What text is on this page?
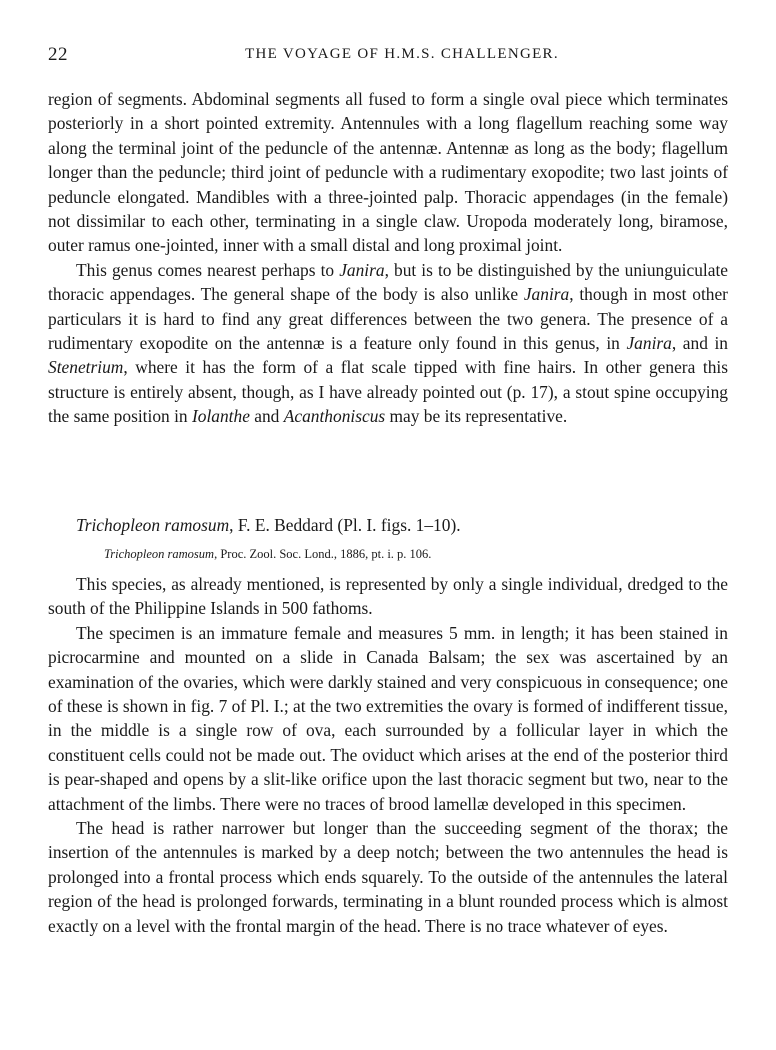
22	THE VOYAGE OF H.M.S. CHALLENGER.

region of segments. Abdominal segments all fused to form a single oval piece which terminates posteriorly in a short pointed extremity. Antennules with a long flagellum reaching some way along the terminal joint of the peduncle of the antennæ. Antennæ as long as the body; flagellum longer than the peduncle; third joint of peduncle with a rudimentary exopodite; two last joints of peduncle elongated. Mandibles with a three-jointed palp. Thoracic appendages (in the female) not dissimilar to each other, terminating in a single claw. Uropoda moderately long, biramose, outer ramus one-jointed, inner with a small distal and long proximal joint.

This genus comes nearest perhaps to Janira, but is to be distinguished by the uniunguiculate thoracic appendages. The general shape of the body is also unlike Janira, though in most other particulars it is hard to find any great differences between the two genera. The presence of a rudimentary exopodite on the antennæ is a feature only found in this genus, in Janira, and in Stenetrium, where it has the form of a flat scale tipped with fine hairs. In other genera this structure is entirely absent, though, as I have already pointed out (p. 17), a stout spine occupying the same position in Iolanthe and Acanthoniscus may be its representative.

Trichopleon ramosum, F. E. Beddard (Pl. I. figs. 1–10).
Trichopleon ramosum, Proc. Zool. Soc. Lond., 1886, pt. i. p. 106.

This species, as already mentioned, is represented by only a single individual, dredged to the south of the Philippine Islands in 500 fathoms.

The specimen is an immature female and measures 5 mm. in length; it has been stained in picrocarmine and mounted on a slide in Canada Balsam; the sex was ascertained by an examination of the ovaries, which were darkly stained and very conspicuous in consequence; one of these is shown in fig. 7 of Pl. I.; at the two extremities the ovary is formed of indifferent tissue, in the middle is a single row of ova, each surrounded by a follicular layer in which the constituent cells could not be made out. The oviduct which arises at the end of the posterior third is pear-shaped and opens by a slit-like orifice upon the last thoracic segment but two, near to the attachment of the limbs. There were no traces of brood lamellæ developed in this specimen.

The head is rather narrower but longer than the succeeding segment of the thorax; the insertion of the antennules is marked by a deep notch; between the two antennules the head is prolonged into a frontal process which ends squarely. To the outside of the antennules the lateral region of the head is prolonged forwards, terminating in a blunt rounded process which is almost exactly on a level with the frontal margin of the head. There is no trace whatever of eyes.
